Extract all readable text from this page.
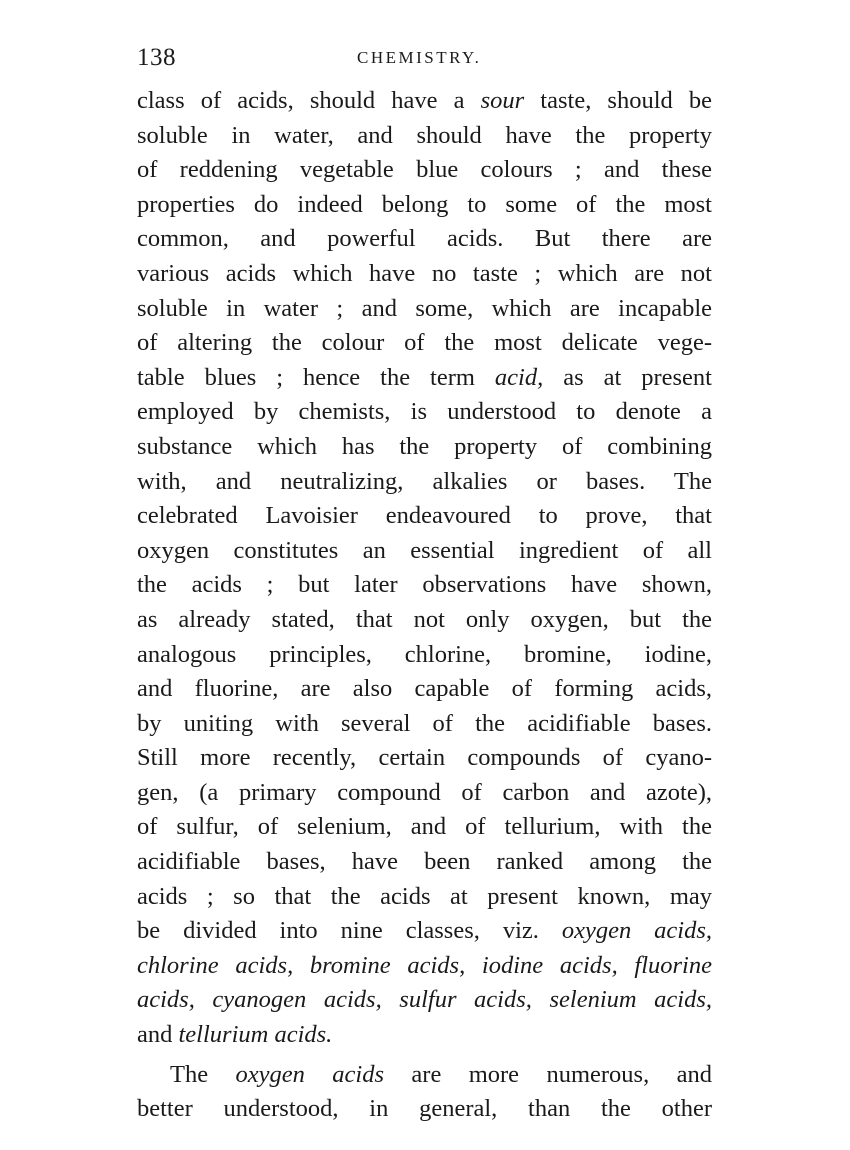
138	CHEMISTRY.
class of acids, should have a sour taste, should be
soluble in water, and should have the property
of reddening vegetable blue colours ; and these
properties do indeed belong to some of the most
common, and powerful acids. But there are
various acids which have no taste ; which are not
soluble in water ; and some, which are incapable
of altering the colour of the most delicate vege-
table blues ; hence the term acid, as at present
employed by chemists, is understood to denote a
substance which has the property of combining
with, and neutralizing, alkalies or bases. The
celebrated Lavoisier endeavoured to prove, that
oxygen constitutes an essential ingredient of all
the acids ; but later observations have shown,
as already stated, that not only oxygen, but the
analogous principles, chlorine, bromine, iodine,
and fluorine, are also capable of forming acids,
by uniting with several of the acidifiable bases.
Still more recently, certain compounds of cyano-
gen, (a primary compound of carbon and azote),
of sulfur, of selenium, and of tellurium, with the
acidifiable bases, have been ranked among the
acids ; so that the acids at present known, may
be divided into nine classes, viz. oxygen acids,
chlorine acids, bromine acids, iodine acids, fluorine
acids, cyanogen acids, sulfur acids, selenium acids,
and tellurium acids.
The oxygen acids are more numerous, and
better understood, in general, than the other
